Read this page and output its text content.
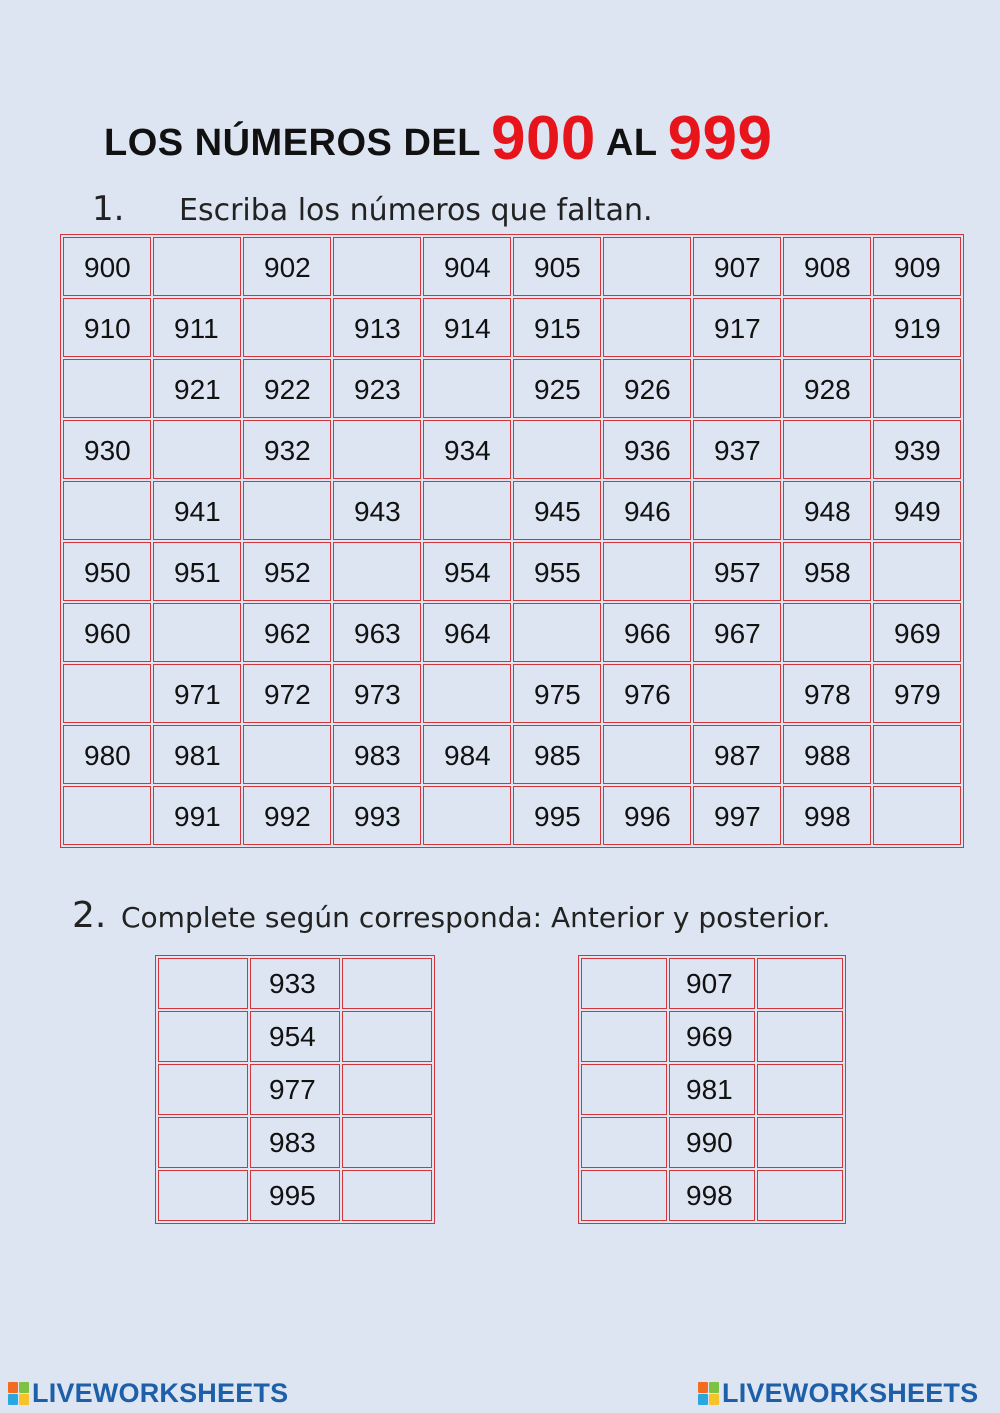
LOS NÚMEROS DEL 900 AL 999
1. Escriba los números que faltan.
900		902		904	905		907	908	909

910	911		913	914	915		917		919

	921	922	923		925	926		928	

930		932		934		936	937		939

	941		943		945	946		948	949

950	951	952		954	955		957	958	

960		962	963	964		966	967		969

	971	972	973		975	976		978	979

980	981		983	984	985		987	988	

	991	992	993		995	996	997	998	

2. Complete según corresponda: Anterior y posterior.

	933	

	954	

	977	

	983	

	995	

	907	

	969	

	981	

	990	

	998	

LIVEWORKSHEETS	LIVEWORKSHEETS
